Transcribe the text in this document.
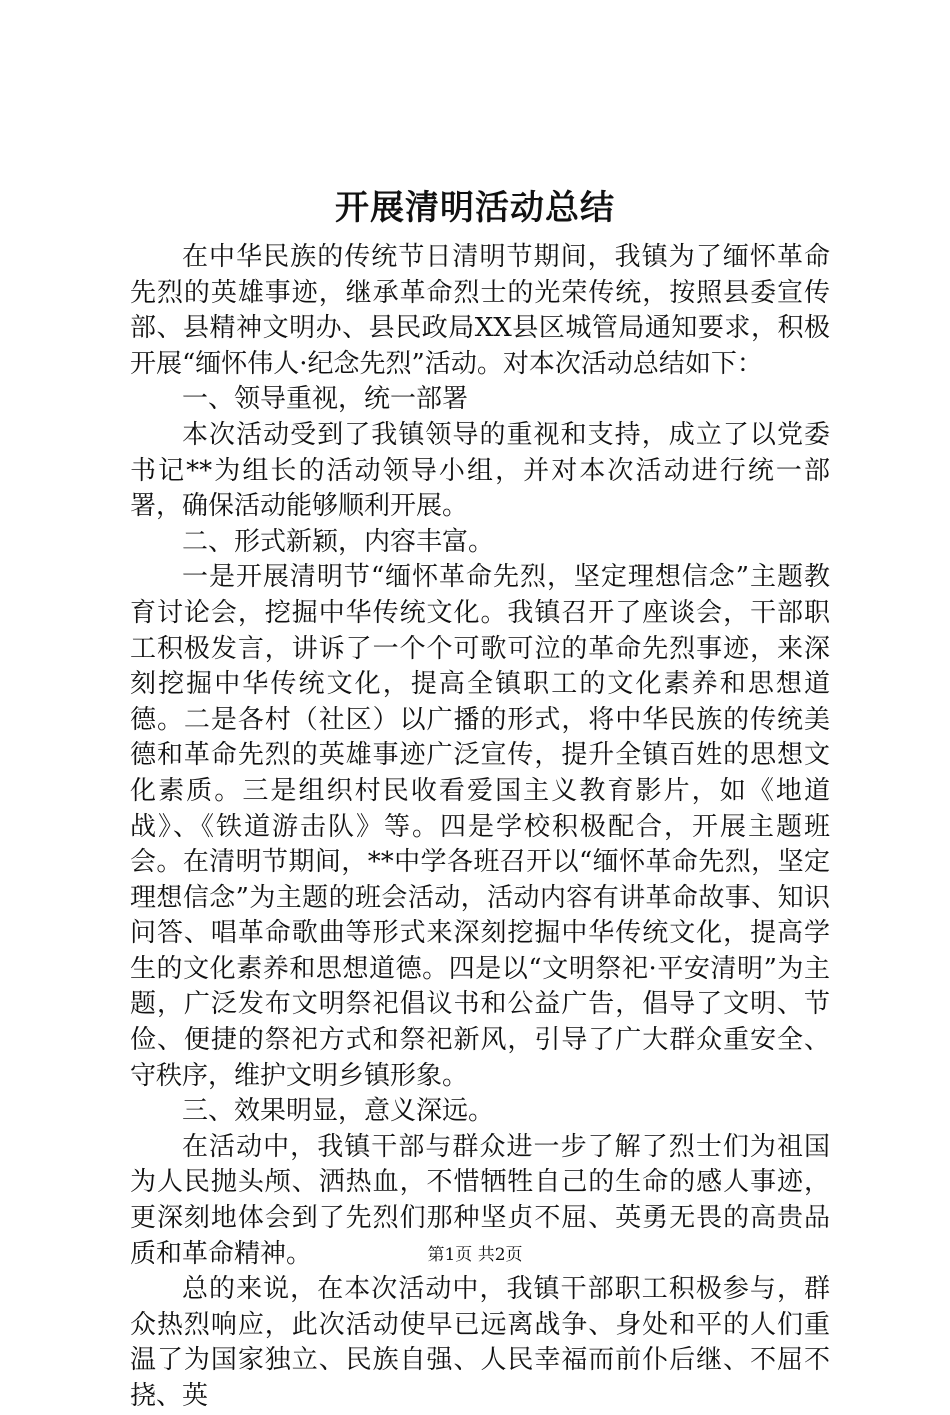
开展清明活动总结

在中华民族的传统节日清明节期间，我镇为了缅怀革命先烈的英雄事迹，继承革命烈士的光荣传统，按照县委宣传部、县精神文明办、县民政局XX县区城管局通知要求，积极开展“缅怀伟人·纪念先烈”活动。对本次活动总结如下：

一、领导重视，统一部署

本次活动受到了我镇领导的重视和支持，成立了以党委书记**为组长的活动领导小组，并对本次活动进行统一部署，确保活动能够顺利开展。

二、形式新颖，内容丰富。

一是开展清明节“缅怀革命先烈，坚定理想信念”主题教育讨论会，挖掘中华传统文化。我镇召开了座谈会，干部职工积极发言，讲诉了一个个可歌可泣的革命先烈事迹，来深刻挖掘中华传统文化，提高全镇职工的文化素养和思想道德。二是各村（社区）以广播的形式，将中华民族的传统美德和革命先烈的英雄事迹广泛宣传，提升全镇百姓的思想文化素质。三是组织村民收看爱国主义教育影片，如《地道战》、《铁道游击队》等。四是学校积极配合，开展主题班会。在清明节期间，**中学各班召开以“缅怀革命先烈，坚定理想信念”为主题的班会活动，活动内容有讲革命故事、知识问答、唱革命歌曲等形式来深刻挖掘中华传统文化，提高学生的文化素养和思想道德。四是以“文明祭祀·平安清明”为主题，广泛发布文明祭祀倡议书和公益广告，倡导了文明、节俭、便捷的祭祀方式和祭祀新风，引导了广大群众重安全、守秩序，维护文明乡镇形象。

三、效果明显，意义深远。

在活动中，我镇干部与群众进一步了解了烈士们为祖国为人民抛头颅、洒热血，不惜牺牲自己的生命的感人事迹，更深刻地体会到了先烈们那种坚贞不屈、英勇无畏的高贵品质和革命精神。

总的来说，在本次活动中，我镇干部职工积极参与，群众热烈响应，此次活动使早已远离战争、身处和平的人们重温了为国家独立、民族自强、人民幸福而前仆后继、不屈不挠、英

第1页 共2页
